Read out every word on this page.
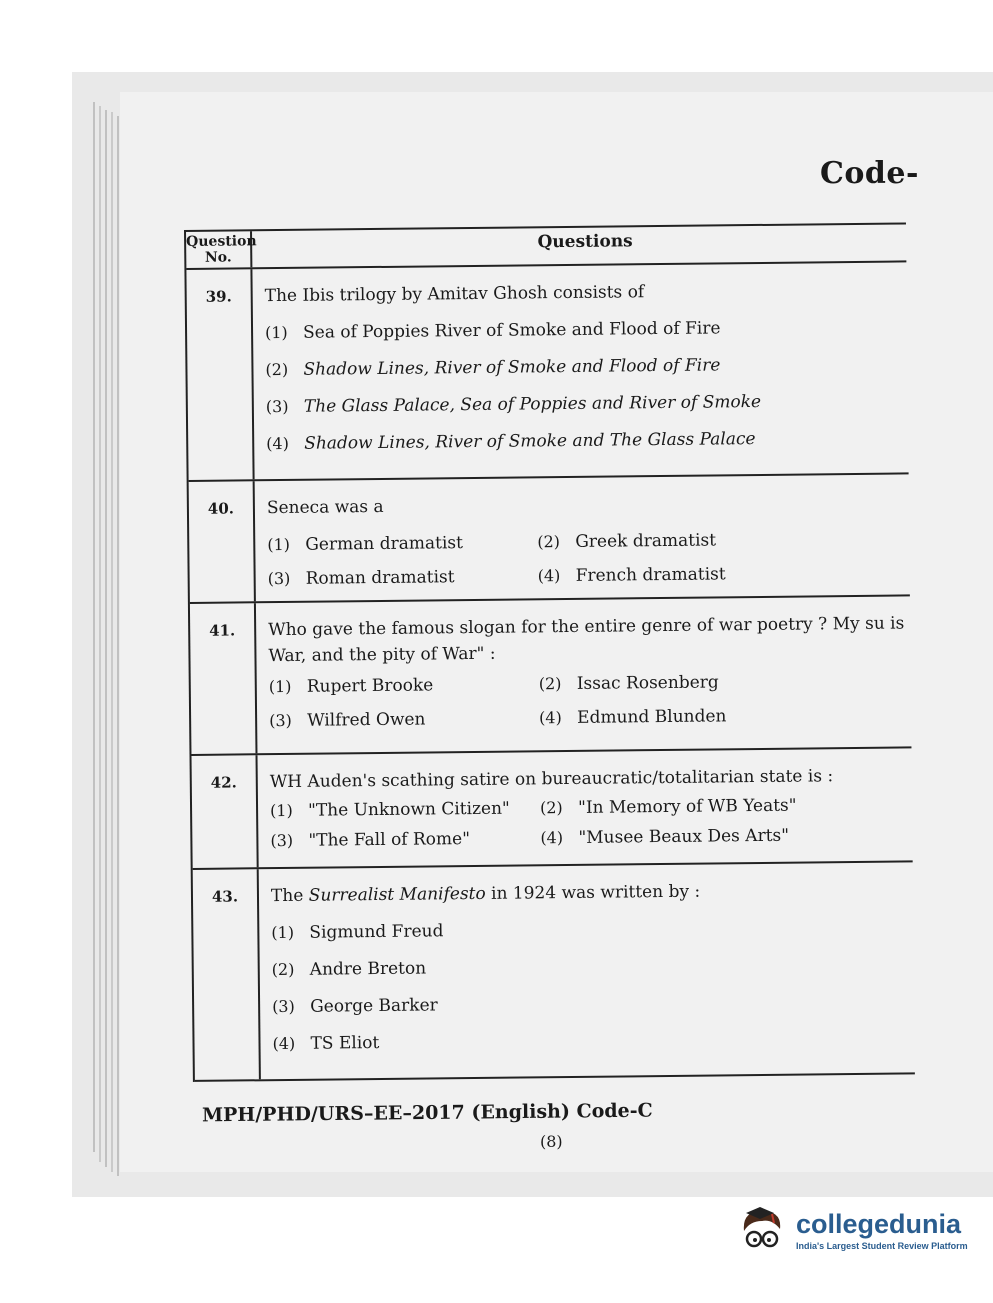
Code-
Question No.
Questions
39.	The Ibis trilogy by Amitav Ghosh consists of
(1) Sea of Poppies River of Smoke and Flood of Fire
(2) Shadow Lines, River of Smoke and Flood of Fire
(3) The Glass Palace, Sea of Poppies and River of Smoke
(4) Shadow Lines, River of Smoke and The Glass Palace
40.	Seneca was a
(1) German dramatist	(2) Greek dramatist
(3) Roman dramatist	(4) French dramatist
41.	Who gave the famous slogan for the entire genre of war poetry ? My su is War, and the pity of War" :
(1) Rupert Brooke	(2) Issac Rosenberg
(3) Wilfred Owen	(4) Edmund Blunden
42.	WH Auden's scathing satire on bureaucratic/totalitarian state is :
(1) "The Unknown Citizen" (2) "In Memory of WB Yeats"
(3) "The Fall of Rome"	(4) "Musee Beaux Des Arts"
43.	The Surrealist Manifesto in 1924 was written by :
(1) Sigmund Freud
(2) Andre Breton
(3) George Barker
(4) TS Eliot
MPH/PHD/URS–EE–2017 (English) Code-C
(8)
collegedunia
India's Largest Student Review Platform
